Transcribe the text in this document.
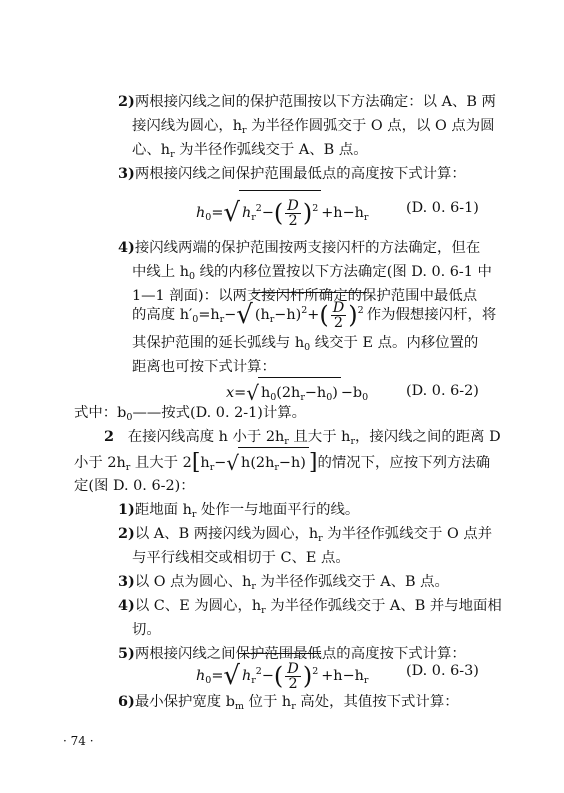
2)两根接闪线之间的保护范围按以下方法确定：以 A、B 两
接闪线为圆心，$h_r$ 为半径作圆弧交于 O 点，以 O 点为圆
心、$h_r$ 为半径作弧线交于 A、B 点。
3)两根接闪线之间保护范围最低点的高度按下式计算：
$h_0=√$ $h_r^2-( \frac{D}{2} )^2 +h-h_r$
(D. 0. 6-1)
4)接闪线两端的保护范围按两支接闪杆的方法确定，但在
中线上 $h_0$ 线的内移位置按以下方法确定(图 D. 0. 6-1 中
1—1 剖面)：以两支接闪杆所确定的保护范围中最低点
的高度 $h'_0=h_r-√$ $(h_r-h)^2+( \frac{D}{2} )^2$ 作为假想接闪杆，将
其保护范围的延长弧线与 $h_0$ 线交于 E 点。内移位置的
距离也可按下式计算：
x=√ $h_0(2h_r-h_0) -b_0$	(D. 0. 6-2)
式中：$b_0——$按式(D. 0. 2-1)计算。
2 在接闪线高度 h 小于 $2h_r$ 且大于 $h_r$，接闪线之间的距离 D
小于 $2h_r$ 且大于 $2[h_r-√$ $h(2h_r-h)$ ]的情况下，应按下列方法确
定(图 D. 0. 6-2)：
1)距地面 $h_r$ 处作一与地面平行的线。
2)以 A、B 两接闪线为圆心，$h_r$ 为半径作弧线交于 O 点并
与平行线相交或相切于 C、E 点。
3)以 O 点为圆心、$h_r$ 为半径作弧线交于 A、B 点。
4)以 C、E 为圆心，$h_r$ 为半径作弧线交于 A、B 并与地面相
切。
5)两根接闪线之间保护范围最低点的高度按下式计算：
$h_0=√$ $h_r^2-( \frac{D}{2} )^2 +h-h_r$
(D. 0. 6-3)
6)最小保护宽度 $b_m$ 位于 $h_r$ 高处，其值按下式计算：
· 74 ·
